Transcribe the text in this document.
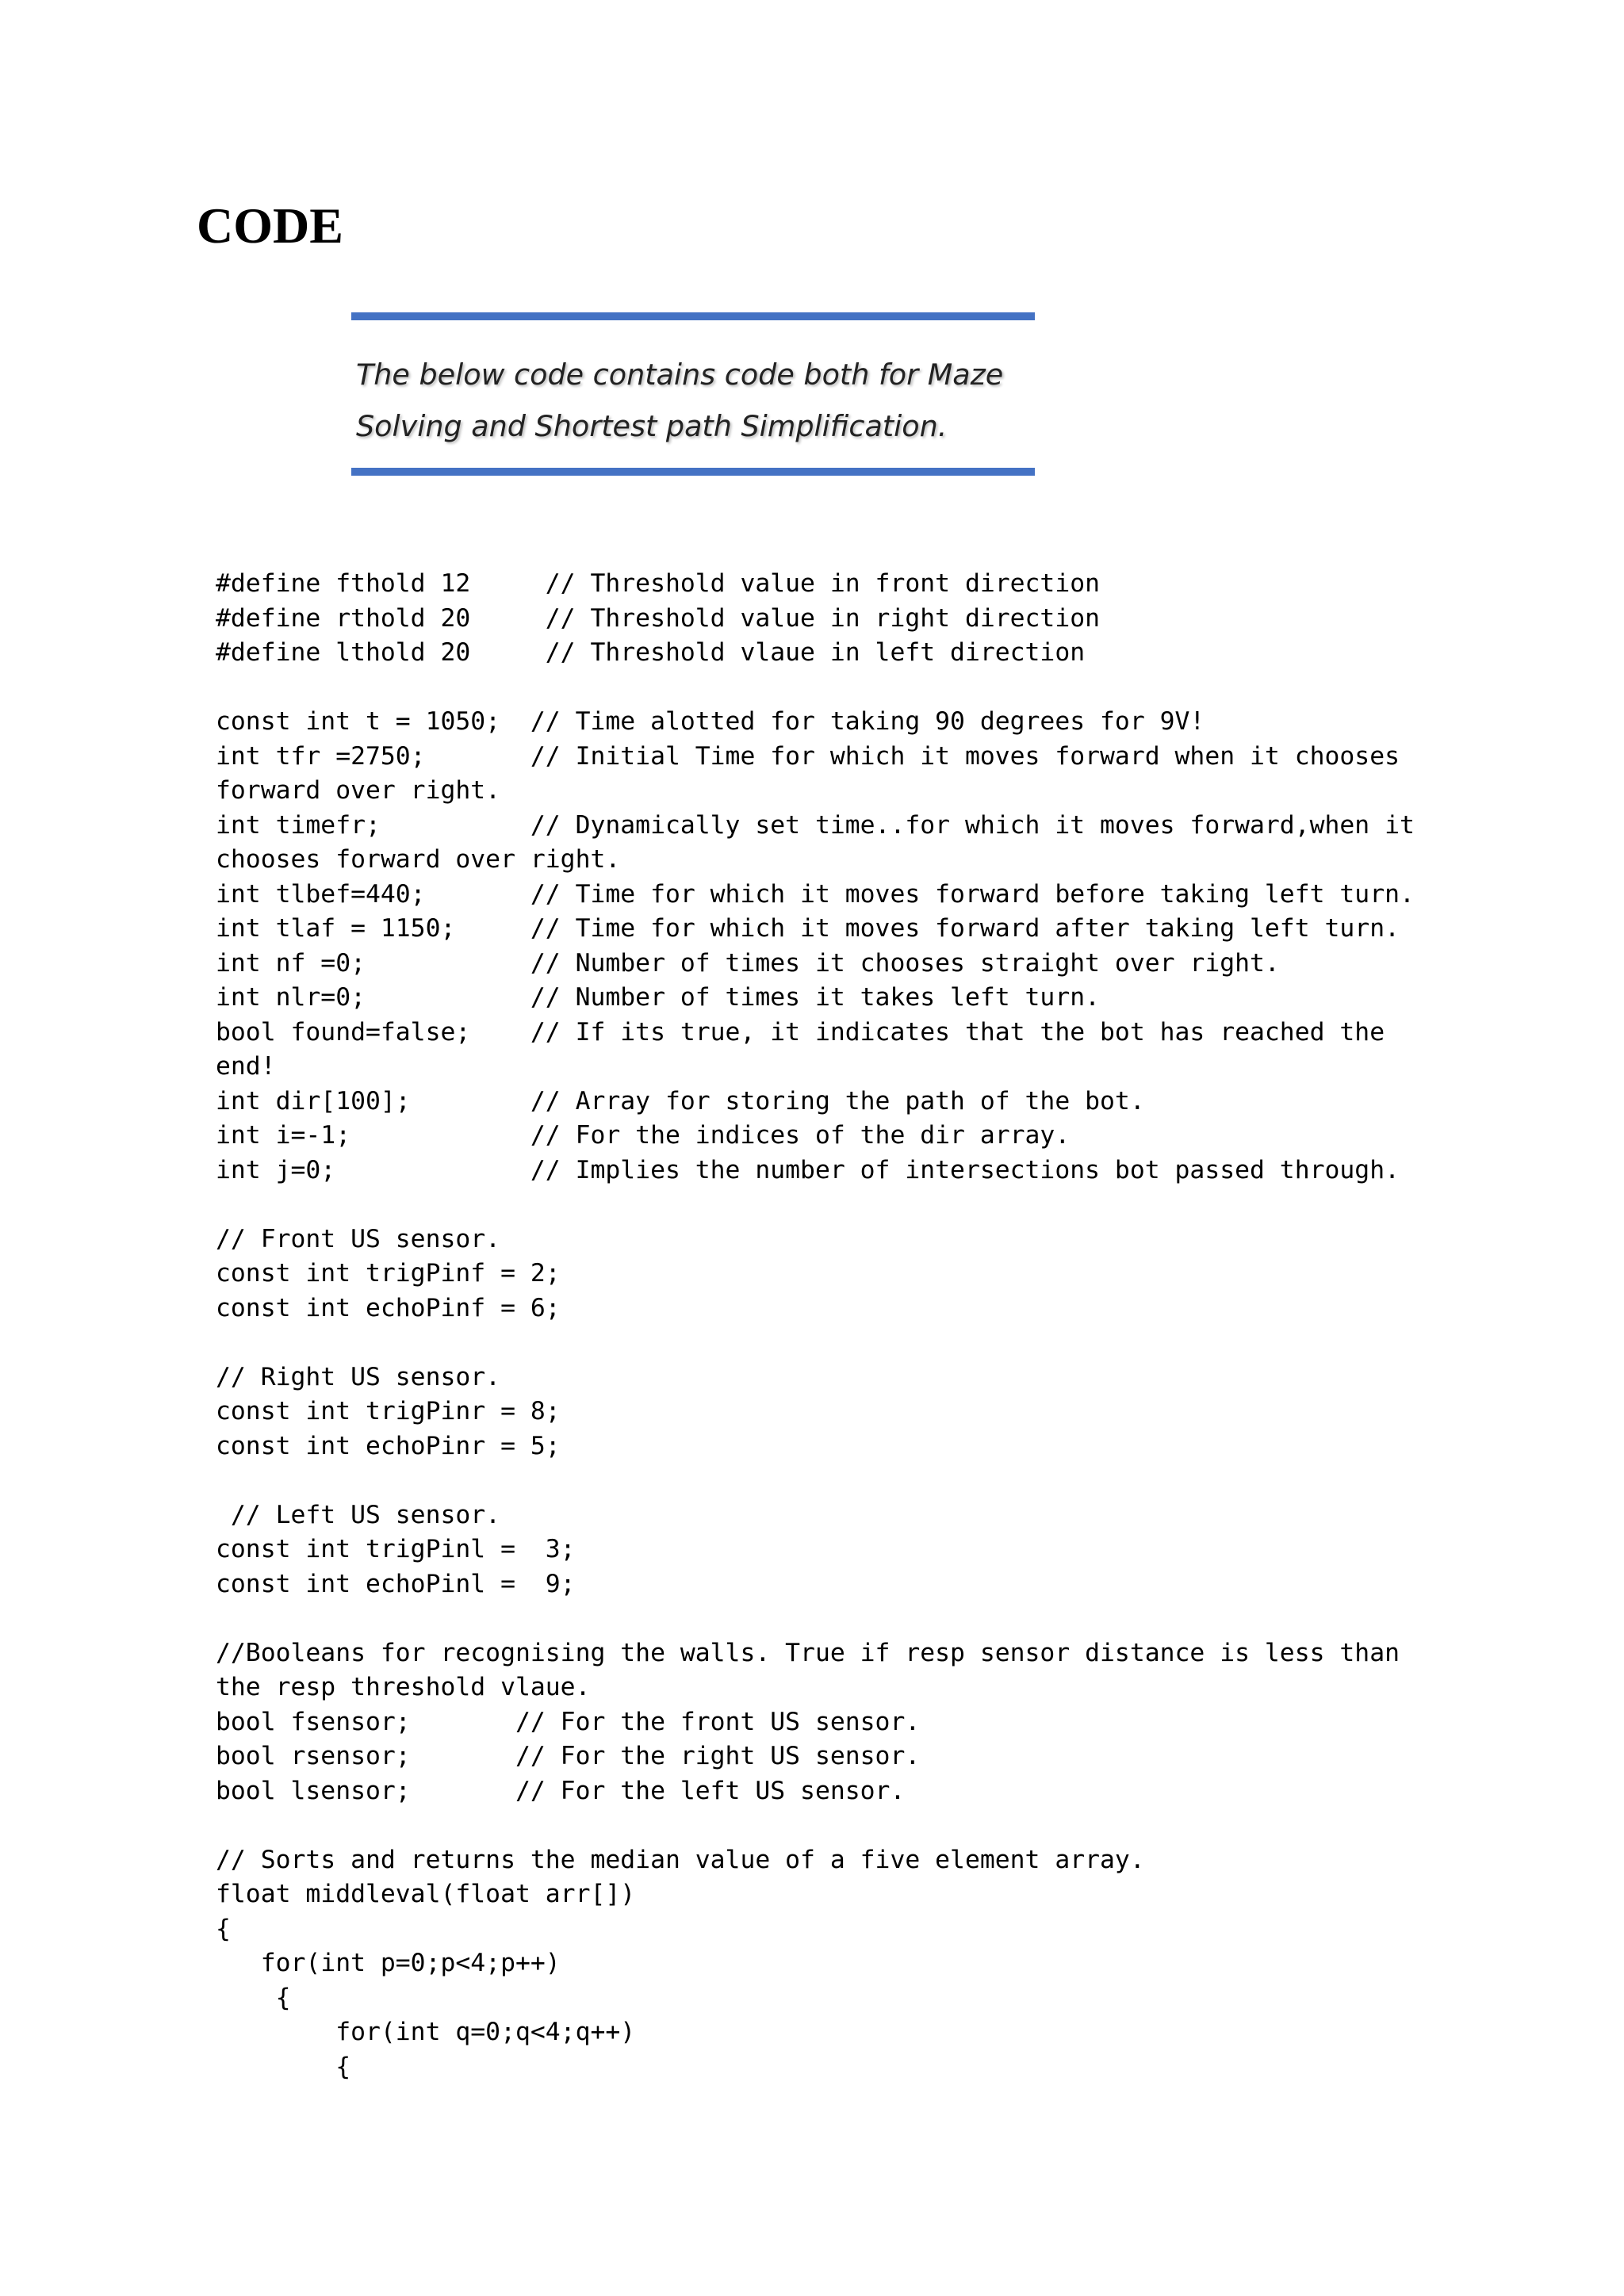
CODE
The below code contains code both for Maze
Solving and Shortest path Simplification.
#define fthold 12     // Threshold value in front direction
#define rthold 20     // Threshold value in right direction
#define lthold 20     // Threshold vlaue in left direction
const int t = 1050;  // Time alotted for taking 90 degrees for 9V!
int tfr =2750;       // Initial Time for which it moves forward when it chooses
forward over right.
int timefr;          // Dynamically set time..for which it moves forward,when it
chooses forward over right.
int tlbef=440;       // Time for which it moves forward before taking left turn.
int tlaf = 1150;     // Time for which it moves forward after taking left turn.
int nf =0;           // Number of times it chooses straight over right.
int nlr=0;           // Number of times it takes left turn.
bool found=false;    // If its true, it indicates that the bot has reached the
end!
int dir[100];        // Array for storing the path of the bot.
int i=-1;            // For the indices of the dir array.
int j=0;             // Implies the number of intersections bot passed through.
// Front US sensor.
const int trigPinf = 2;
const int echoPinf = 6;
// Right US sensor.
const int trigPinr = 8;
const int echoPinr = 5;
// Left US sensor.
const int trigPinl =  3;
const int echoPinl =  9;
//Booleans for recognising the walls. True if resp sensor distance is less than
the resp threshold vlaue.
bool fsensor;       // For the front US sensor.
bool rsensor;       // For the right US sensor.
bool lsensor;       // For the left US sensor.
// Sorts and returns the median value of a five element array.
float middleval(float arr[])
{
for(int p=0;p<4;p++)
{
for(int q=0;q<4;q++)
{
